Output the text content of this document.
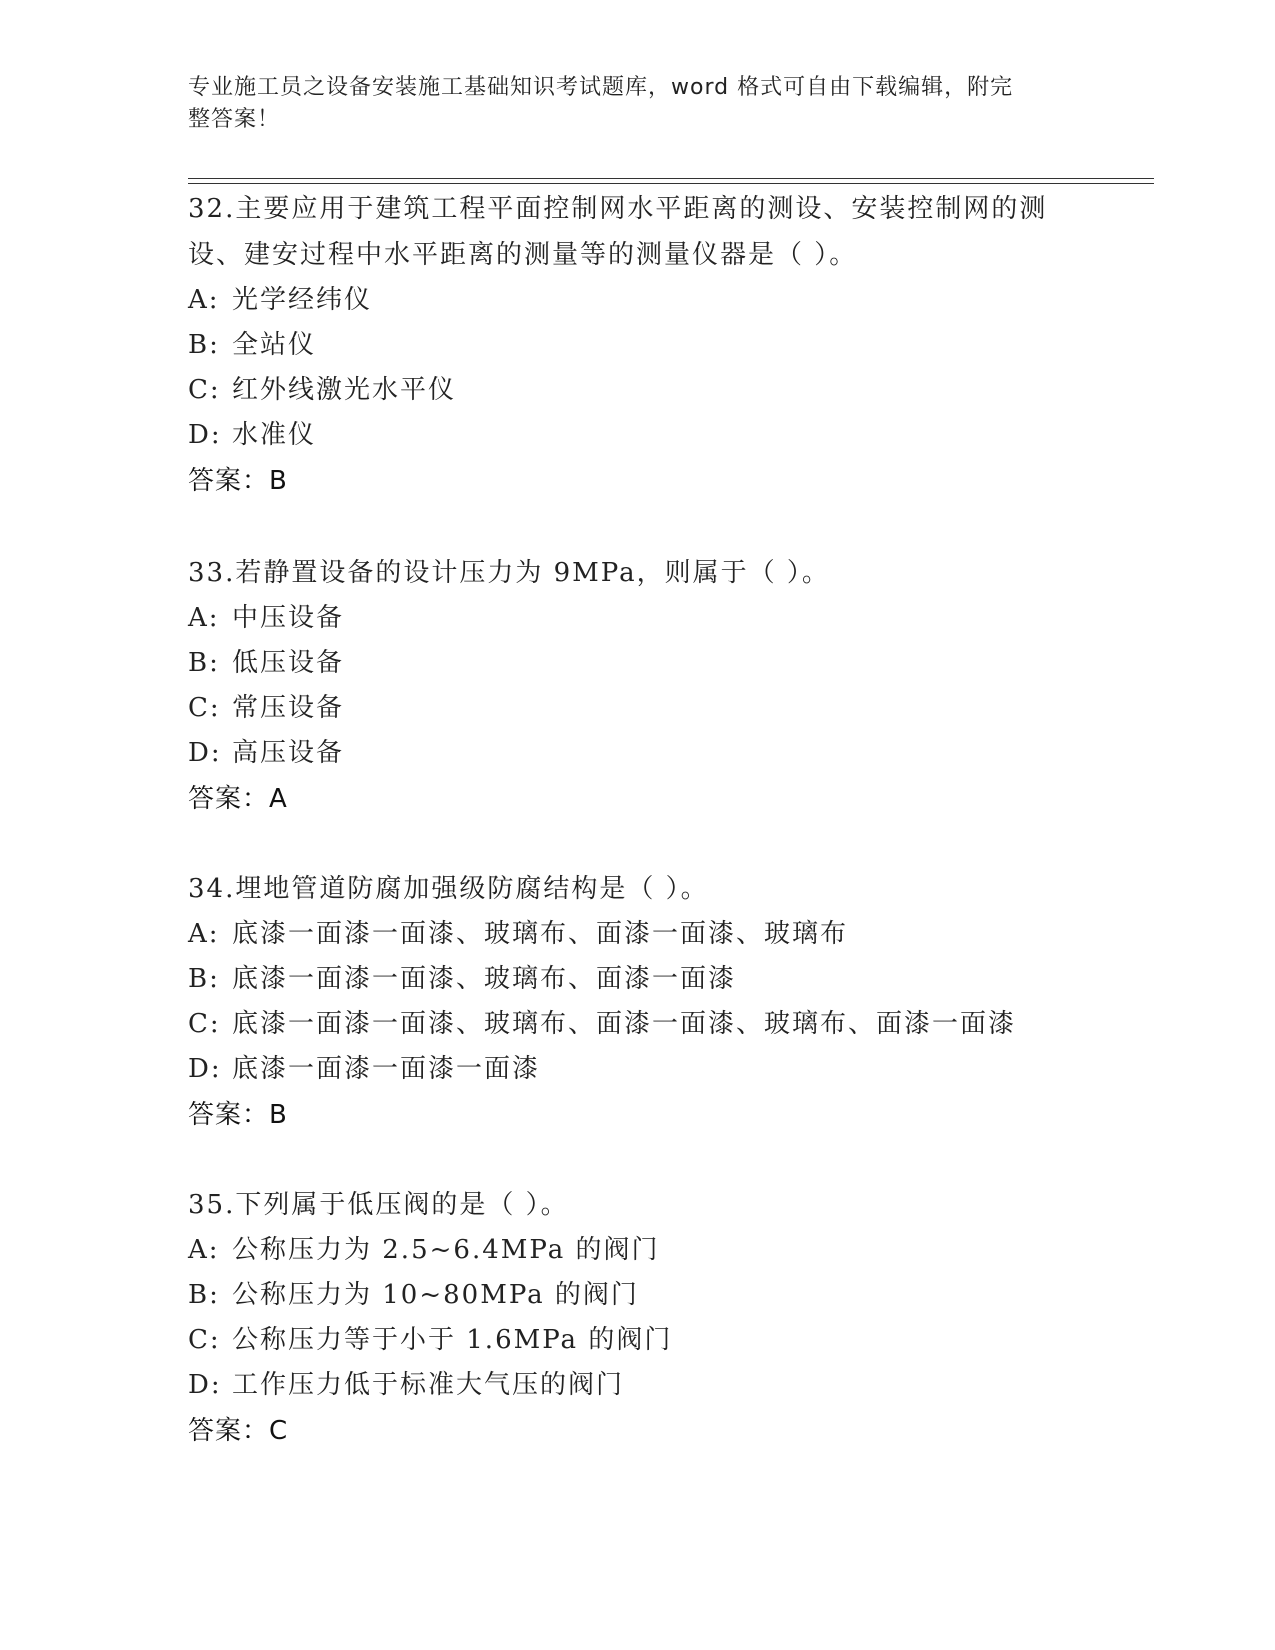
专业施工员之设备安装施工基础知识考试题库，word 格式可自由下载编辑，附完
整答案！
32.主要应用于建筑工程平面控制网水平距离的测设、安装控制网的测
设、建安过程中水平距离的测量等的测量仪器是（ ）。
A: 光学经纬仪
B: 全站仪
C: 红外线激光水平仪
D: 水准仪
答案：B
33.若静置设备的设计压力为 9MPa，则属于（ ）。
A: 中压设备
B: 低压设备
C: 常压设备
D: 高压设备
答案：A
34.埋地管道防腐加强级防腐结构是（ ）。
A: 底漆一面漆一面漆、玻璃布、面漆一面漆、玻璃布
B: 底漆一面漆一面漆、玻璃布、面漆一面漆
C: 底漆一面漆一面漆、玻璃布、面漆一面漆、玻璃布、面漆一面漆
D: 底漆一面漆一面漆一面漆
答案：B
35.下列属于低压阀的是（ ）。
A: 公称压力为 2.5~6.4MPa 的阀门
B: 公称压力为 10~80MPa 的阀门
C: 公称压力等于小于 1.6MPa 的阀门
D: 工作压力低于标准大气压的阀门
答案：C
